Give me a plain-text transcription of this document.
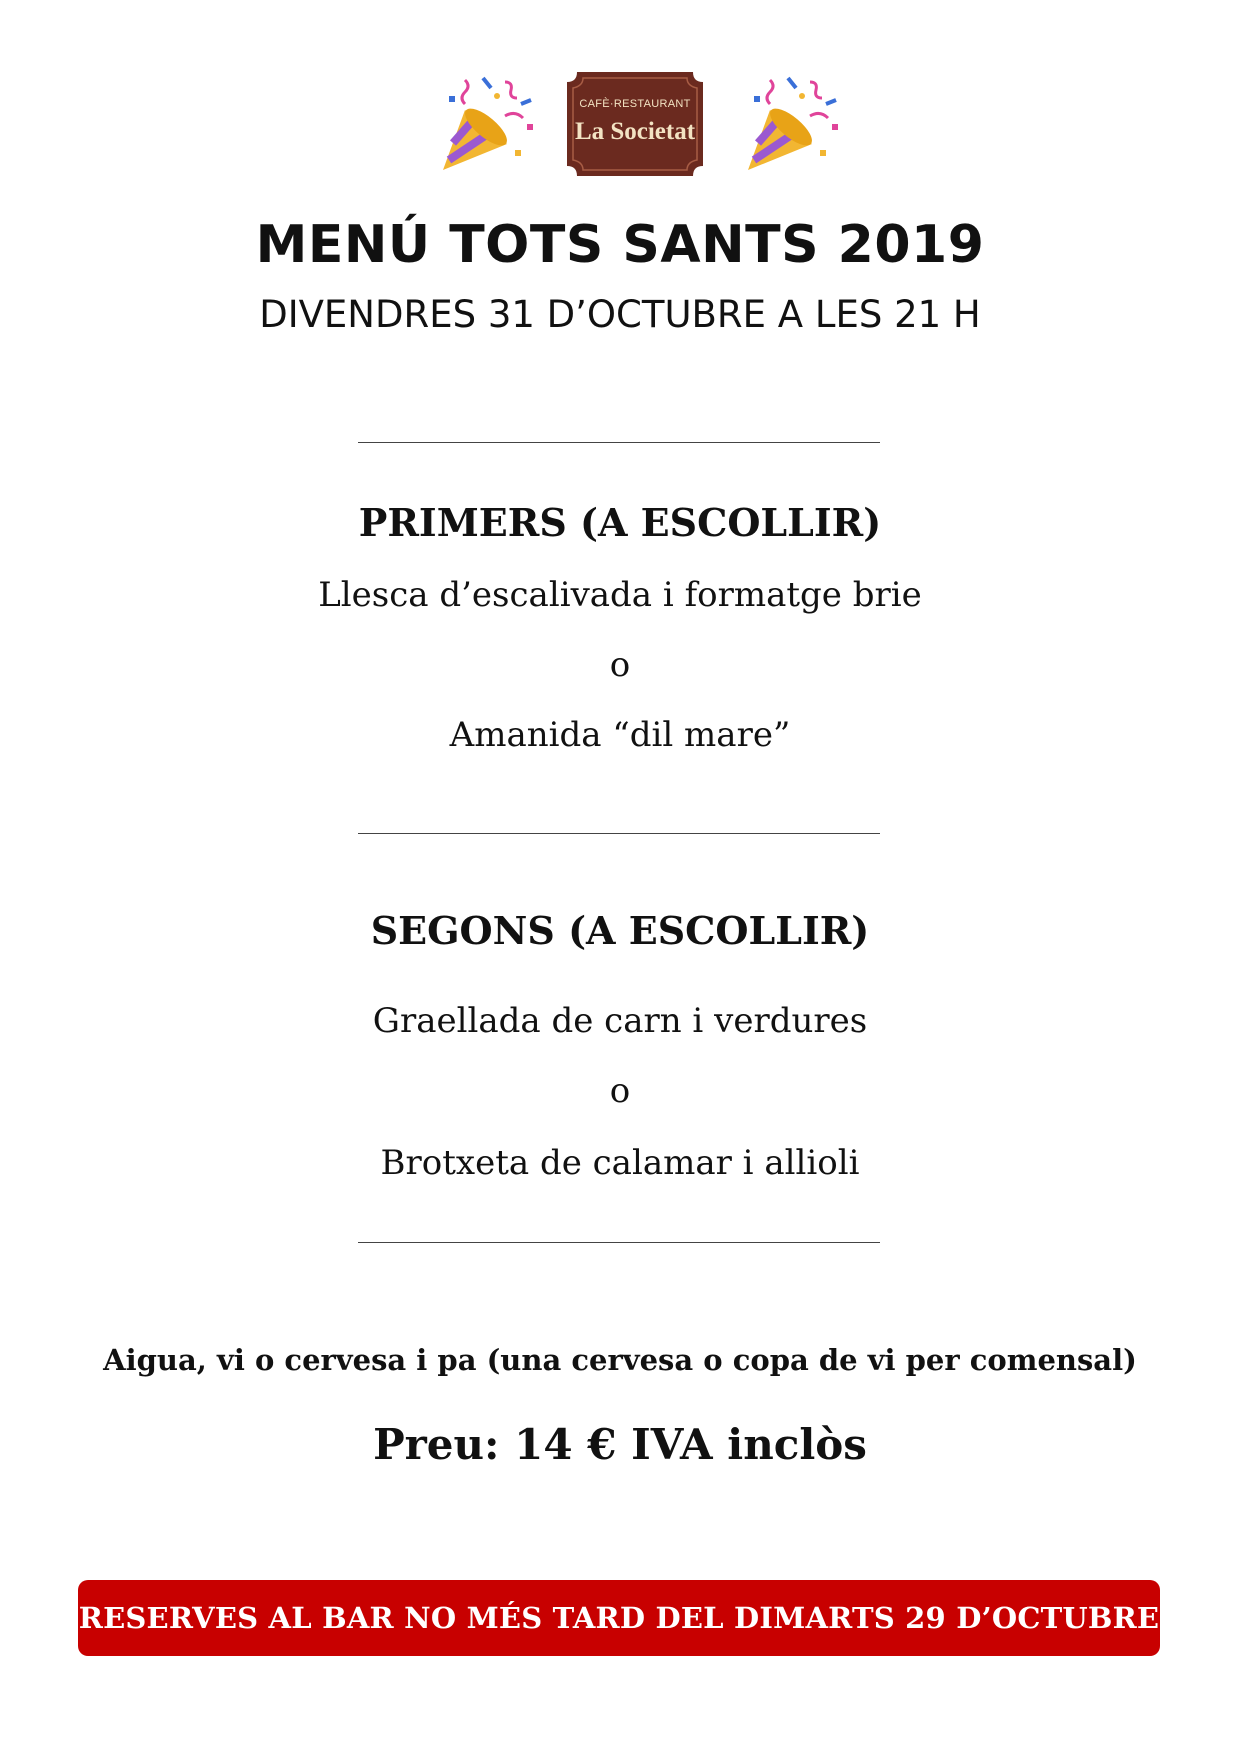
CAFÈ·RESTAURANT
La Societat
MENÚ TOTS SANTS 2019
DIVENDRES 31 D’OCTUBRE A LES 21 H
PRIMERS (A ESCOLLIR)
Llesca d’escalivada i formatge brie
o
Amanida “dil mare”
SEGONS (A ESCOLLIR)
Graellada de carn i verdures
o
Brotxeta de calamar i allioli
Aigua, vi o cervesa i pa (una cervesa o copa de vi per comensal)
Preu: 14 € IVA inclòs
RESERVES AL BAR NO MÉS TARD DEL DIMARTS 29 D’OCTUBRE
